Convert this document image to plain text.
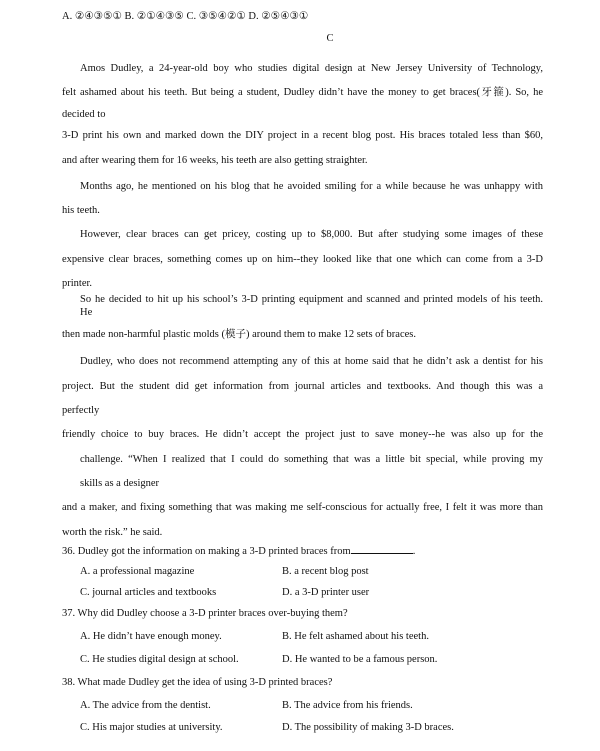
A. ②④③⑤① B. ②①④③⑤ C. ③⑤④②① D. ②⑤④③①
C
Amos Dudley, a 24-year-old boy who studies digital design at New Jersey University of Technology,
felt ashamed about his teeth. But being a student, Dudley didn’t have the money to get braces(牙箍). So, he
decided to
3-D print his own and marked down the DIY project in a recent blog post. His braces totaled less than $60,
and after wearing them for 16 weeks, his teeth are also getting straighter.
Months ago, he mentioned on his blog that he avoided smiling for a while because he was unhappy with
his teeth.
However, clear braces can get pricey, costing up to $8,000. But after studying some images of these
expensive clear braces, something comes up on him--they looked like that one which can come from a 3-D
printer.
So he decided to hit up his school’s 3-D printing equipment and scanned and printed models of his teeth.
He
then made non-harmful plastic molds (模子) around them to make 12 sets of braces.
Dudley, who does not recommend attempting any of this at home said that he didn’t ask a dentist for his
project. But the student did get information from journal articles and textbooks. And though this was a
perfectly
friendly choice to buy braces. He didn’t accept the project just to save money--he was also up for the
challenge. “When I realized that I could do something that was a little bit special, while proving my
skills as a designer
and a maker, and fixing something that was making me self-conscious for actually free, I felt it was more than
worth the risk.” he said.
36. Dudley got the information on making a 3-D printed braces from	.
A. a professional magazine	B. a recent blog post
C. journal articles and textbooks	D. a 3-D printer user
37. Why did Dudley choose a 3-D printer braces over-buying them?
A. He didn’t have enough money.	B. He felt ashamed about his teeth.
C. He studies digital design at school.	D. He wanted to be a famous person.
38. What made Dudley get the idea of using 3-D printed braces?
A. The advice from the dentist.	B. The advice from his friends.
C. His major studies at university.	D. The possibility of making 3-D braces.
